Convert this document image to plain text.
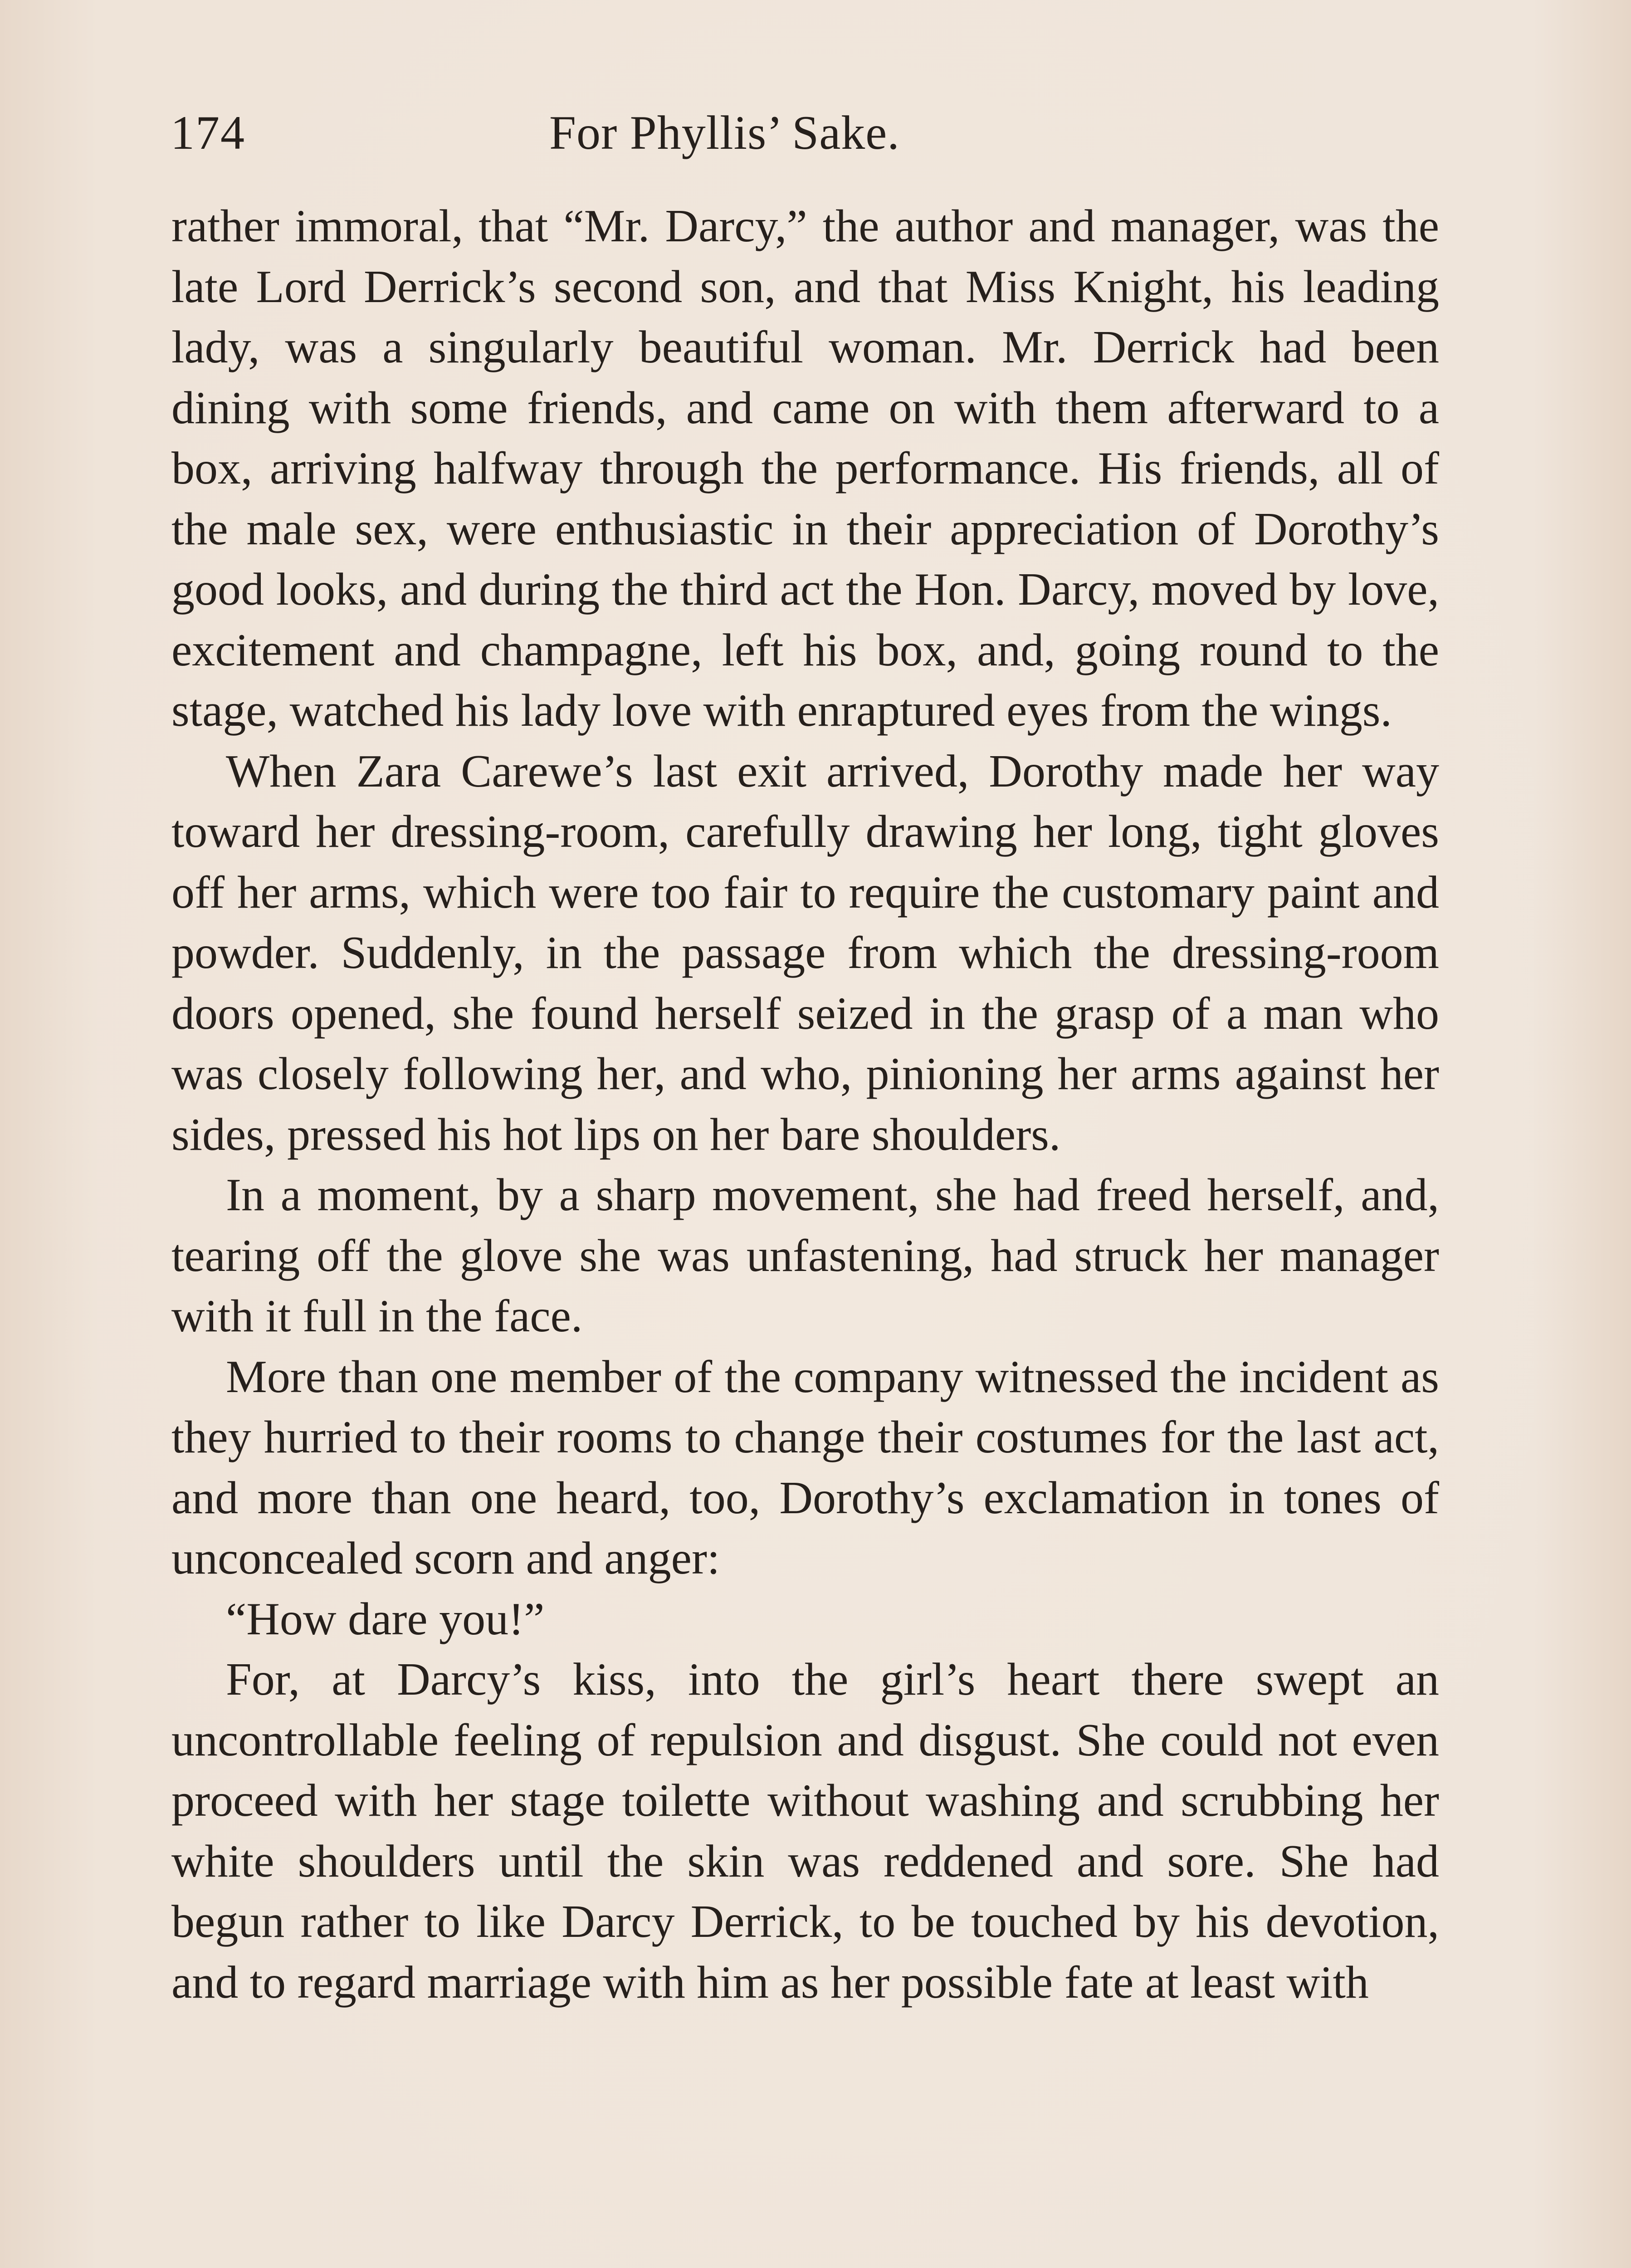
174	For Phyllis’ Sake.

rather immoral, that “Mr. Darcy,” the author and manager, was the late Lord Derrick’s second son, and that Miss Knight, his leading lady, was a singularly beautiful woman. Mr. Derrick had been dining with some friends, and came on with them afterward to a box, arriving halfway through the performance. His friends, all of the male sex, were enthusiastic in their appreciation of Dorothy’s good looks, and during the third act the Hon. Darcy, moved by love, excitement and champagne, left his box, and, going round to the stage, watched his lady love with enraptured eyes from the wings.

When Zara Carewe’s last exit arrived, Dorothy made her way toward her dressing-room, carefully drawing her long, tight gloves off her arms, which were too fair to require the customary paint and powder. Suddenly, in the passage from which the dressing-room doors opened, she found herself seized in the grasp of a man who was closely following her, and who, pinioning her arms against her sides, pressed his hot lips on her bare shoulders.

In a moment, by a sharp movement, she had freed herself, and, tearing off the glove she was unfastening, had struck her manager with it full in the face.

More than one member of the company witnessed the incident as they hurried to their rooms to change their costumes for the last act, and more than one heard, too, Dorothy’s exclamation in tones of unconcealed scorn and anger:

“How dare you!”

For, at Darcy’s kiss, into the girl’s heart there swept an uncontrollable feeling of repulsion and disgust. She could not even proceed with her stage toilette without washing and scrubbing her white shoulders until the skin was reddened and sore. She had begun rather to like Darcy Derrick, to be touched by his devotion, and to regard marriage with him as her possible fate at least with
